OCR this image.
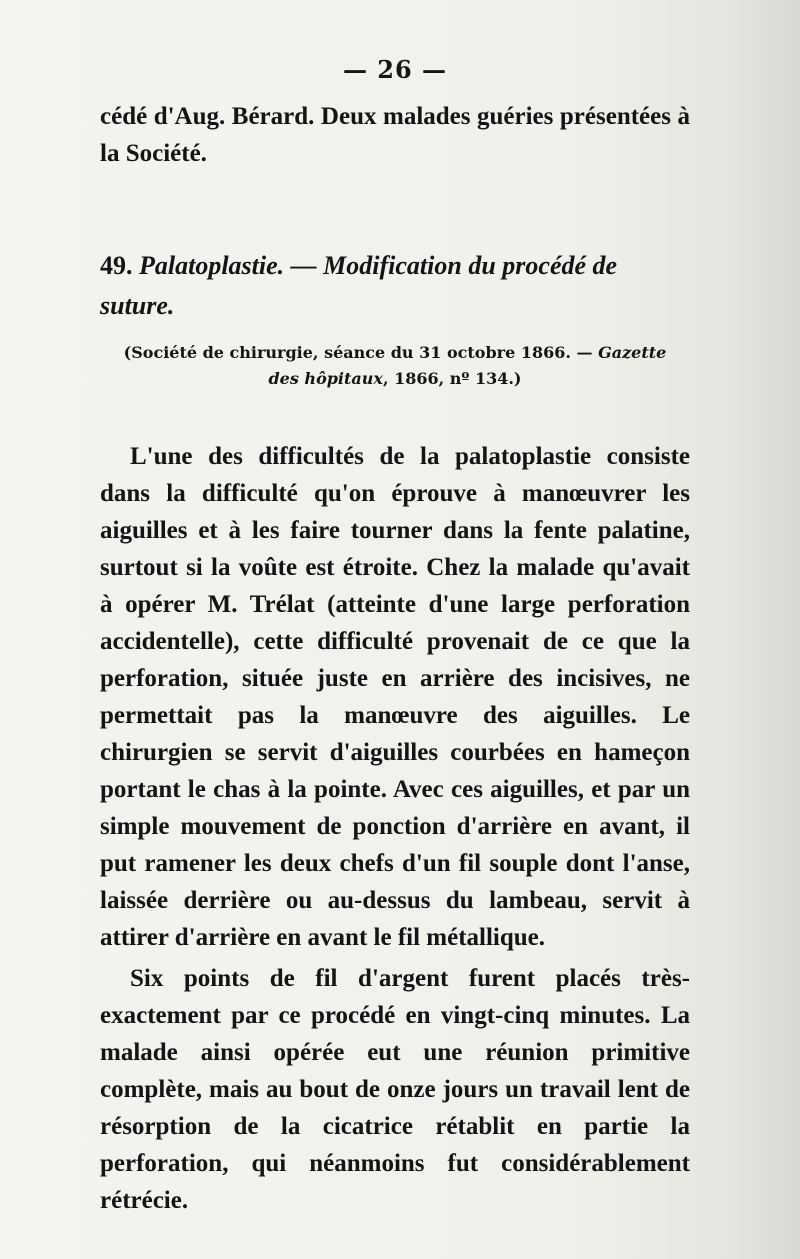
— 26 —

cédé d'Aug. Bérard. Deux malades guéries présentées à la Société.

49. Palatoplastie. — Modification du procédé de suture.
(Société de chirurgie, séance du 31 octobre 1866. — Gazette des hôpitaux, 1866, nº 134.)

L'une des difficultés de la palatoplastie consiste dans la difficulté qu'on éprouve à manœuvrer les aiguilles et à les faire tourner dans la fente palatine, surtout si la voûte est étroite. Chez la malade qu'avait à opérer M. Trélat (atteinte d'une large perforation accidentelle), cette difficulté provenait de ce que la perforation, située juste en arrière des incisives, ne permettait pas la manœuvre des aiguilles. Le chirurgien se servit d'aiguilles courbées en hameçon portant le chas à la pointe. Avec ces aiguilles, et par un simple mouvement de ponction d'arrière en avant, il put ramener les deux chefs d'un fil souple dont l'anse, laissée derrière ou au-dessus du lambeau, servit à attirer d'arrière en avant le fil métallique.

Six points de fil d'argent furent placés très-exactement par ce procédé en vingt-cinq minutes. La malade ainsi opérée eut une réunion primitive complète, mais au bout de onze jours un travail lent de résorption de la cicatrice rétablit en partie la perforation, qui néanmoins fut considérablement rétrécie.
